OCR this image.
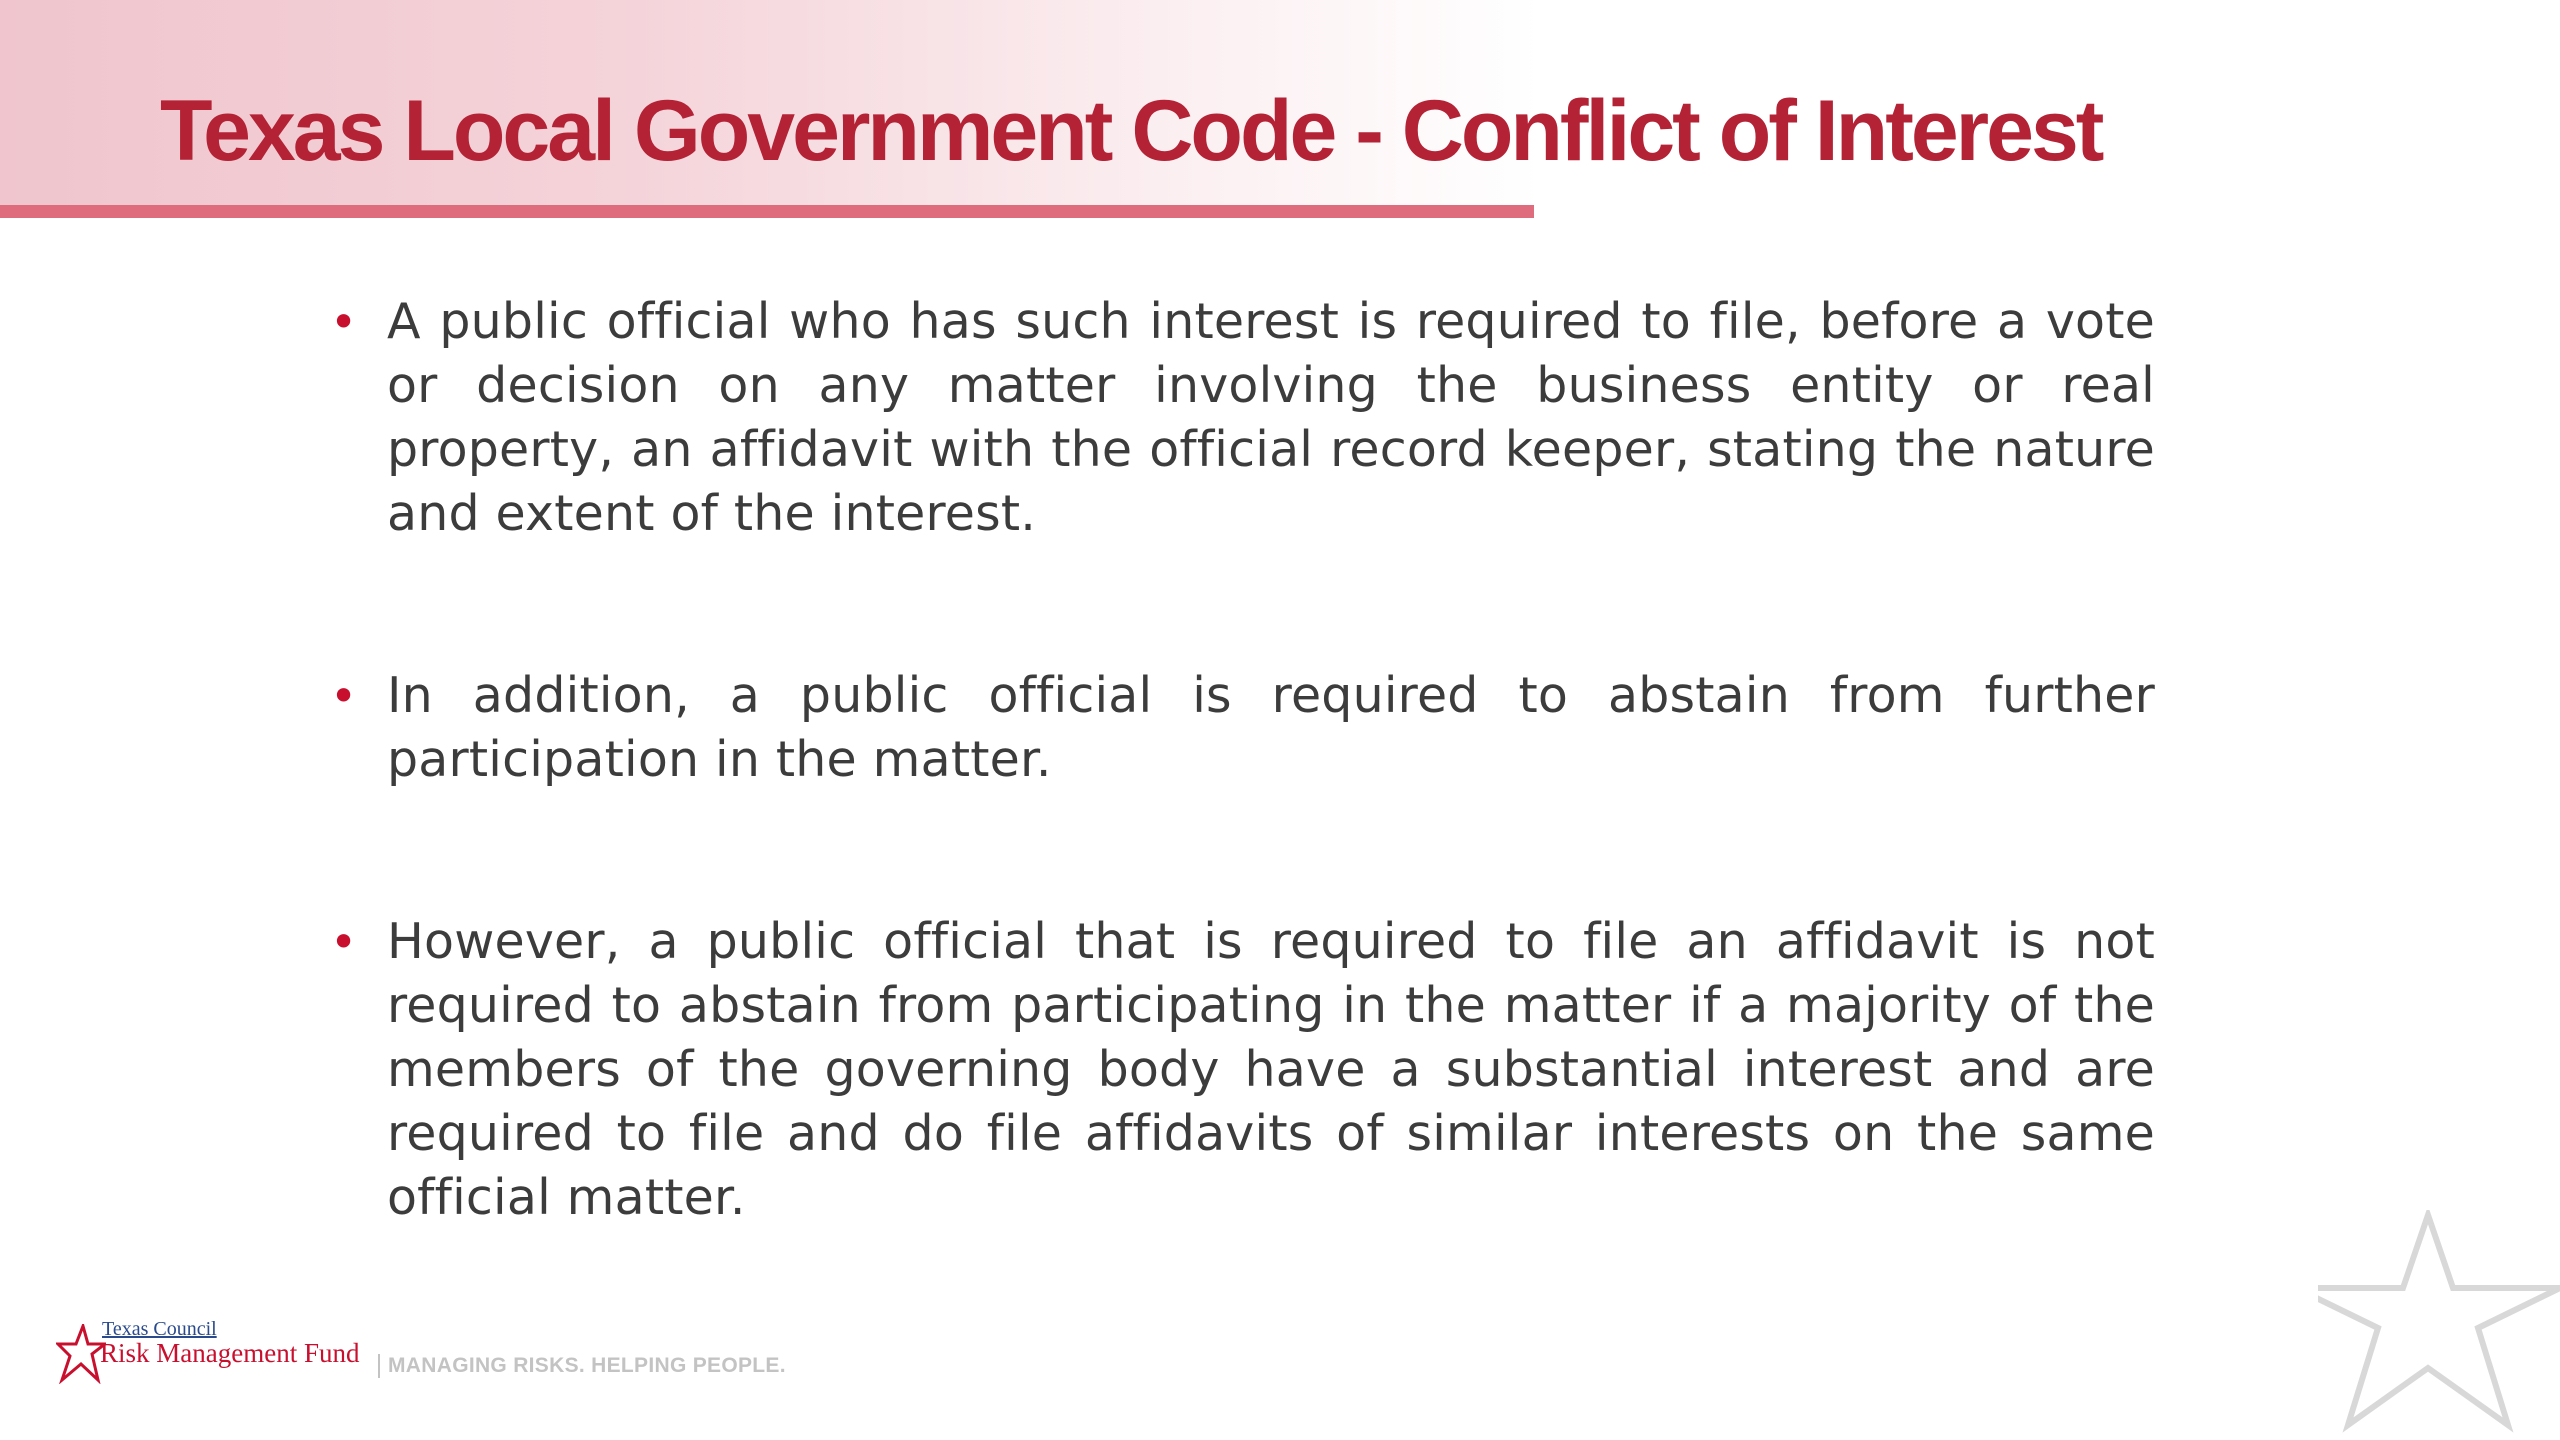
Texas Local Government Code - Conflict of Interest
• A public official who has such interest is required to file, before a vote or decision on any matter involving the business entity or real property, an affidavit with the official record keeper, stating the nature and extent of the interest.
• In addition, a public official is required to abstain from further participation in the matter.
• However, a public official that is required to file an affidavit is not required to abstain from participating in the matter if a majority of the members of the governing body have a substantial interest and are required to file and do file affidavits of similar interests on the same official matter.
Texas Council
Risk Management Fund	MANAGING RISKS. HELPING PEOPLE.
